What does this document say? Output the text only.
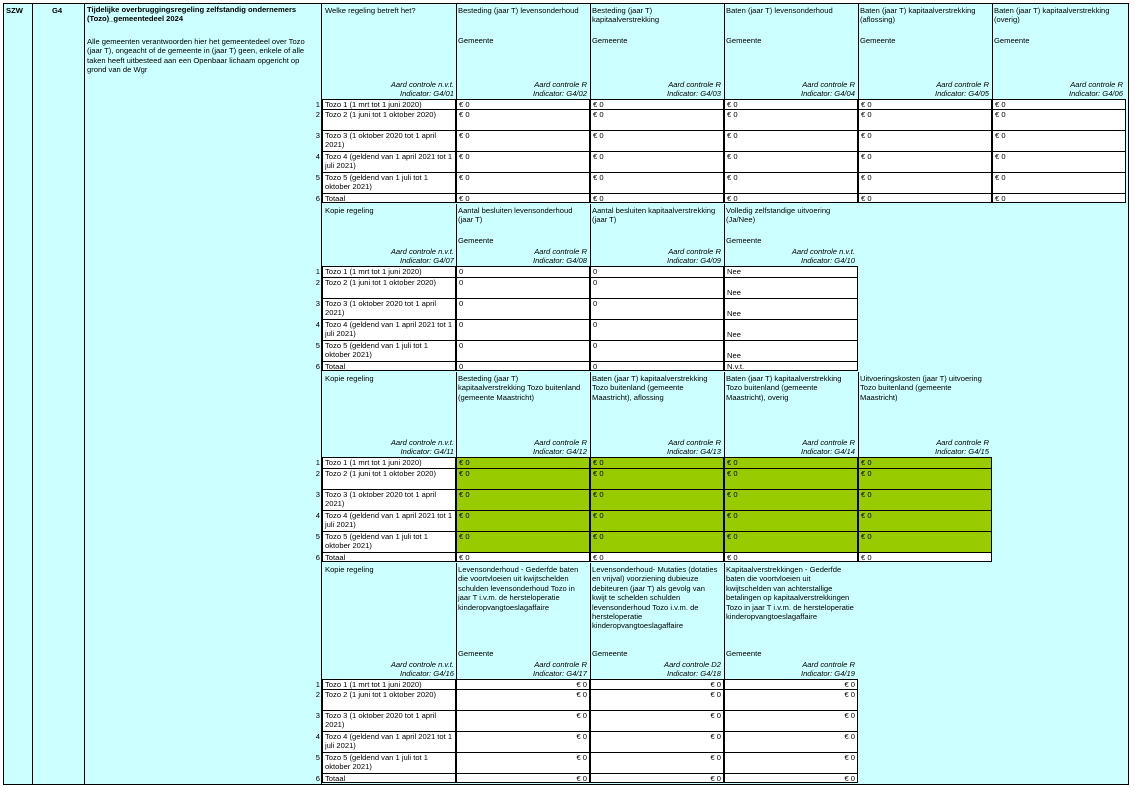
SZW	G4	Tijdelijke overbruggingsregeling zelfstandig ondernemers (Tozo)_gemeentedeel 2024
Alle gemeenten verantwoorden hier het gemeentedeel over Tozo (jaar T), ongeacht of de gemeente in (jaar T) geen, enkele of alle taken heeft uitbesteed aan een Openbaar lichaam opgericht op grond van de Wgr
Welke regeling betreft het?
Aard controle n.v.t.
Indicator: G4/01
1 Tozo 1 (1 mrt tot 1 juni 2020)
2 Tozo 2 (1 juni tot 1 oktober 2020)
3 Tozo 3 (1 oktober 2020 tot 1 april 2021)
4 Tozo 4 (geldend van 1 april 2021 tot 1 juli 2021)
5 Tozo 5 (geldend van 1 juli tot 1 oktober 2021)
6 Totaal
Besteding (jaar T) levensonderhoud
Gemeente
Aard controle R
Indicator: G4/02
€ 0
€ 0
€ 0
€ 0
€ 0
€ 0
Besteding (jaar T) kapitaalverstrekking
Gemeente
Aard controle R
Indicator: G4/03
€ 0
€ 0
€ 0
€ 0
€ 0
€ 0
Baten (jaar T) levensonderhoud
Gemeente
Aard controle R
Indicator: G4/04
€ 0
€ 0
€ 0
€ 0
€ 0
€ 0
Baten (jaar T) kapitaalverstrekking (aflossing)
Gemeente
Aard controle R
Indicator: G4/05
€ 0
€ 0
€ 0
€ 0
€ 0
€ 0
Baten (jaar T) kapitaalverstrekking (overig)
Gemeente
Aard controle R
Indicator: G4/06
€ 0
€ 0
€ 0
€ 0
€ 0
€ 0
Kopie regeling
Aard controle n.v.t.
Indicator: G4/07
1 Tozo 1 (1 mrt tot 1 juni 2020)
2 Tozo 2 (1 juni tot 1 oktober 2020)
3 Tozo 3 (1 oktober 2020 tot 1 april 2021)
4 Tozo 4 (geldend van 1 april 2021 tot 1 juli 2021)
5 Tozo 5 (geldend van 1 juli tot 1 oktober 2021)
6 Totaal
Aantal besluiten levensonderhoud (jaar T)
Gemeente
Aard controle R
Indicator: G4/08
0
0
0
0
0
0
Aantal besluiten kapitaalverstrekking (jaar T)
Aard controle R
Indicator: G4/09
0
0
0
0
0
0
Volledig zelfstandige uitvoering (Ja/Nee)
Gemeente
Aard controle n.v.t.
Indicator: G4/10
Nee
Nee
Nee
Nee
Nee
N.v.t.
Kopie regeling
Aard controle n.v.t.
Indicator: G4/11
1 Tozo 1 (1 mrt tot 1 juni 2020)
2 Tozo 2 (1 juni tot 1 oktober 2020)
3 Tozo 3 (1 oktober 2020 tot 1 april 2021)
4 Tozo 4 (geldend van 1 april 2021 tot 1 juli 2021)
5 Tozo 5 (geldend van 1 juli tot 1 oktober 2021)
6 Totaal
Besteding (jaar T) kapitaalverstrekking Tozo buitenland (gemeente Maastricht)
Aard controle R
Indicator: G4/12
€ 0
€ 0
€ 0
€ 0
€ 0
€ 0
Baten (jaar T) kapitaalverstrekking Tozo buitenland (gemeente Maastricht), aflossing
Aard controle R
Indicator: G4/13
€ 0
€ 0
€ 0
€ 0
€ 0
€ 0
Baten (jaar T) kapitaalverstrekking Tozo buitenland (gemeente Maastricht), overig
Aard controle R
Indicator: G4/14
€ 0
€ 0
€ 0
€ 0
€ 0
€ 0
Uitvoeringskosten (jaar T) uitvoering Tozo buitenland (gemeente Maastricht)
Aard controle R
Indicator: G4/15
€ 0
€ 0
€ 0
€ 0
€ 0
€ 0
Kopie regeling
Aard controle n.v.t.
Indicator: G4/16
1 Tozo 1 (1 mrt tot 1 juni 2020)
2 Tozo 2 (1 juni tot 1 oktober 2020)
3 Tozo 3 (1 oktober 2020 tot 1 april 2021)
4 Tozo 4 (geldend van 1 april 2021 tot 1 juli 2021)
5 Tozo 5 (geldend van 1 juli tot 1 oktober 2021)
6 Totaal
Levensonderhoud - Gederfde baten die voortvloeien uit kwijtschelden schulden levensonderhoud Tozo in jaar T i.v.m. de hersteloperatie kinderopvangtoeslagaffaire
Gemeente
Aard controle R
Indicator: G4/17
€ 0
€ 0
€ 0
€ 0
€ 0
€ 0
Levensonderhoud- Mutaties (dotaties en vrijval) voorziening dubieuze debiteuren (jaar T) als gevolg van kwijt te schelden schulden levensonderhoud Tozo i.v.m. de hersteloperatie kinderopvangtoeslagaffaire
Gemeente
Aard controle D2
Indicator: G4/18
€ 0
€ 0
€ 0
€ 0
€ 0
€ 0
Kapitaalverstrekkingen - Gederfde baten die voortvloeien uit kwijtschelden van achterstallige betalingen op kapitaalverstrekkingen Tozo in jaar T i.v.m. de hersteloperatie kinderopvangtoeslagaffaire
Gemeente
Aard controle R
Indicator: G4/19
€ 0
€ 0
€ 0
€ 0
€ 0
€ 0
